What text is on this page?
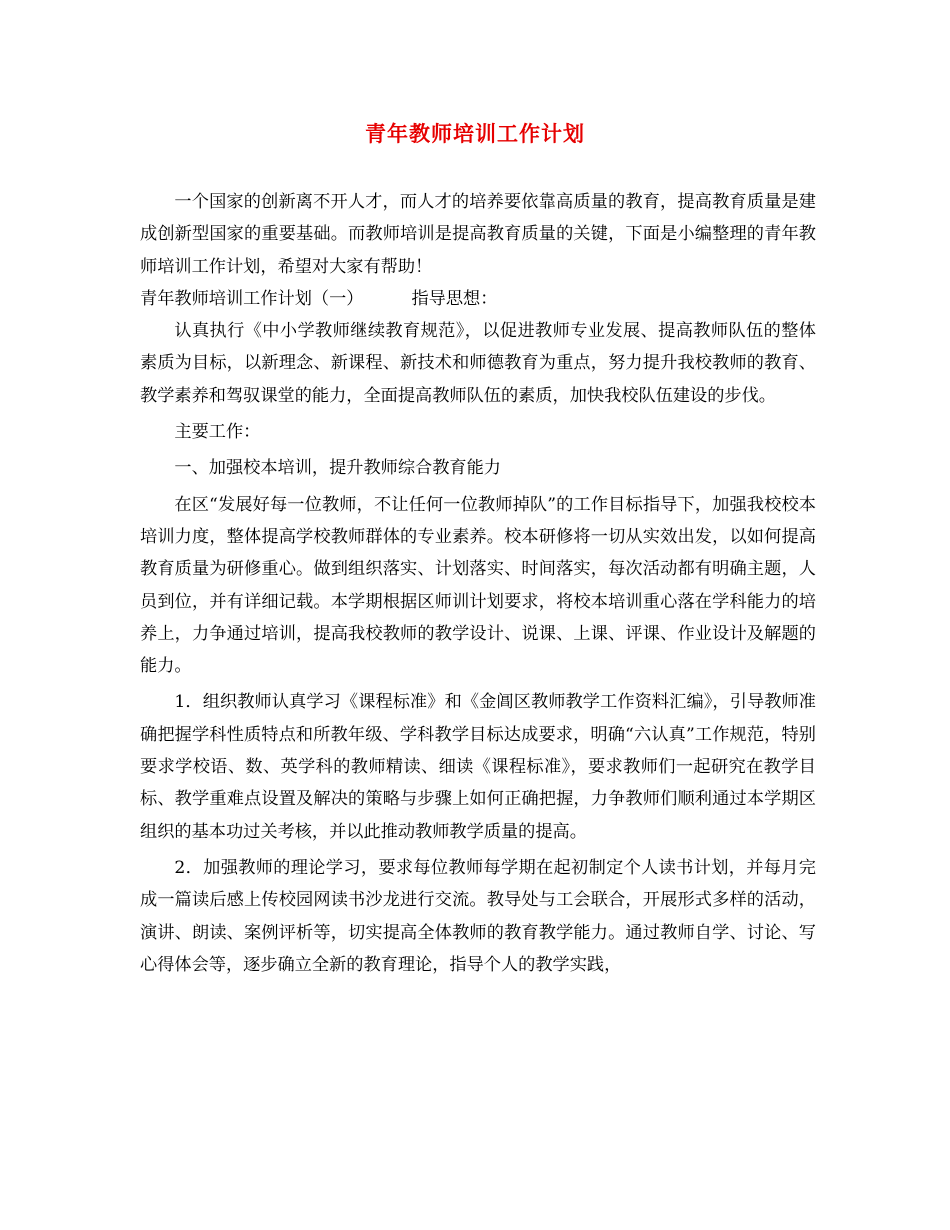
青年教师培训工作计划

一个国家的创新离不开人才，而人才的培养要依靠高质量的教育，提高教育质量是建成创新型国家的重要基础。而教师培训是提高教育质量的关键，下面是小编整理的青年教师培训工作计划，希望对大家有帮助！

青年教师培训工作计划（一）	指导思想：

认真执行《中小学教师继续教育规范》，以促进教师专业发展、提高教师队伍的整体素质为目标，以新理念、新课程、新技术和师德教育为重点，努力提升我校教师的教育、教学素养和驾驭课堂的能力，全面提高教师队伍的素质，加快我校队伍建设的步伐。

主要工作：

一、加强校本培训，提升教师综合教育能力

在区“发展好每一位教师，不让任何一位教师掉队”的工作目标指导下，加强我校校本培训力度，整体提高学校教师群体的专业素养。校本研修将一切从实效出发，以如何提高教育质量为研修重心。做到组织落实、计划落实、时间落实，每次活动都有明确主题，人员到位，并有详细记载。本学期根据区师训计划要求，将校本培训重心落在学科能力的培养上，力争通过培训，提高我校教师的教学设计、说课、上课、评课、作业设计及解题的能力。

1．组织教师认真学习《课程标准》和《金阊区教师教学工作资料汇编》，引导教师准确把握学科性质特点和所教年级、学科教学目标达成要求，明确“六认真”工作规范，特别要求学校语、数、英学科的教师精读、细读《课程标准》，要求教师们一起研究在教学目标、教学重难点设置及解决的策略与步骤上如何正确把握，力争教师们顺利通过本学期区组织的基本功过关考核，并以此推动教师教学质量的提高。

2．加强教师的理论学习，要求每位教师每学期在起初制定个人读书计划，并每月完成一篇读后感上传校园网读书沙龙进行交流。教导处与工会联合，开展形式多样的活动，演讲、朗读、案例评析等，切实提高全体教师的教育教学能力。通过教师自学、讨论、写心得体会等，逐步确立全新的教育理论，指导个人的教学实践，
